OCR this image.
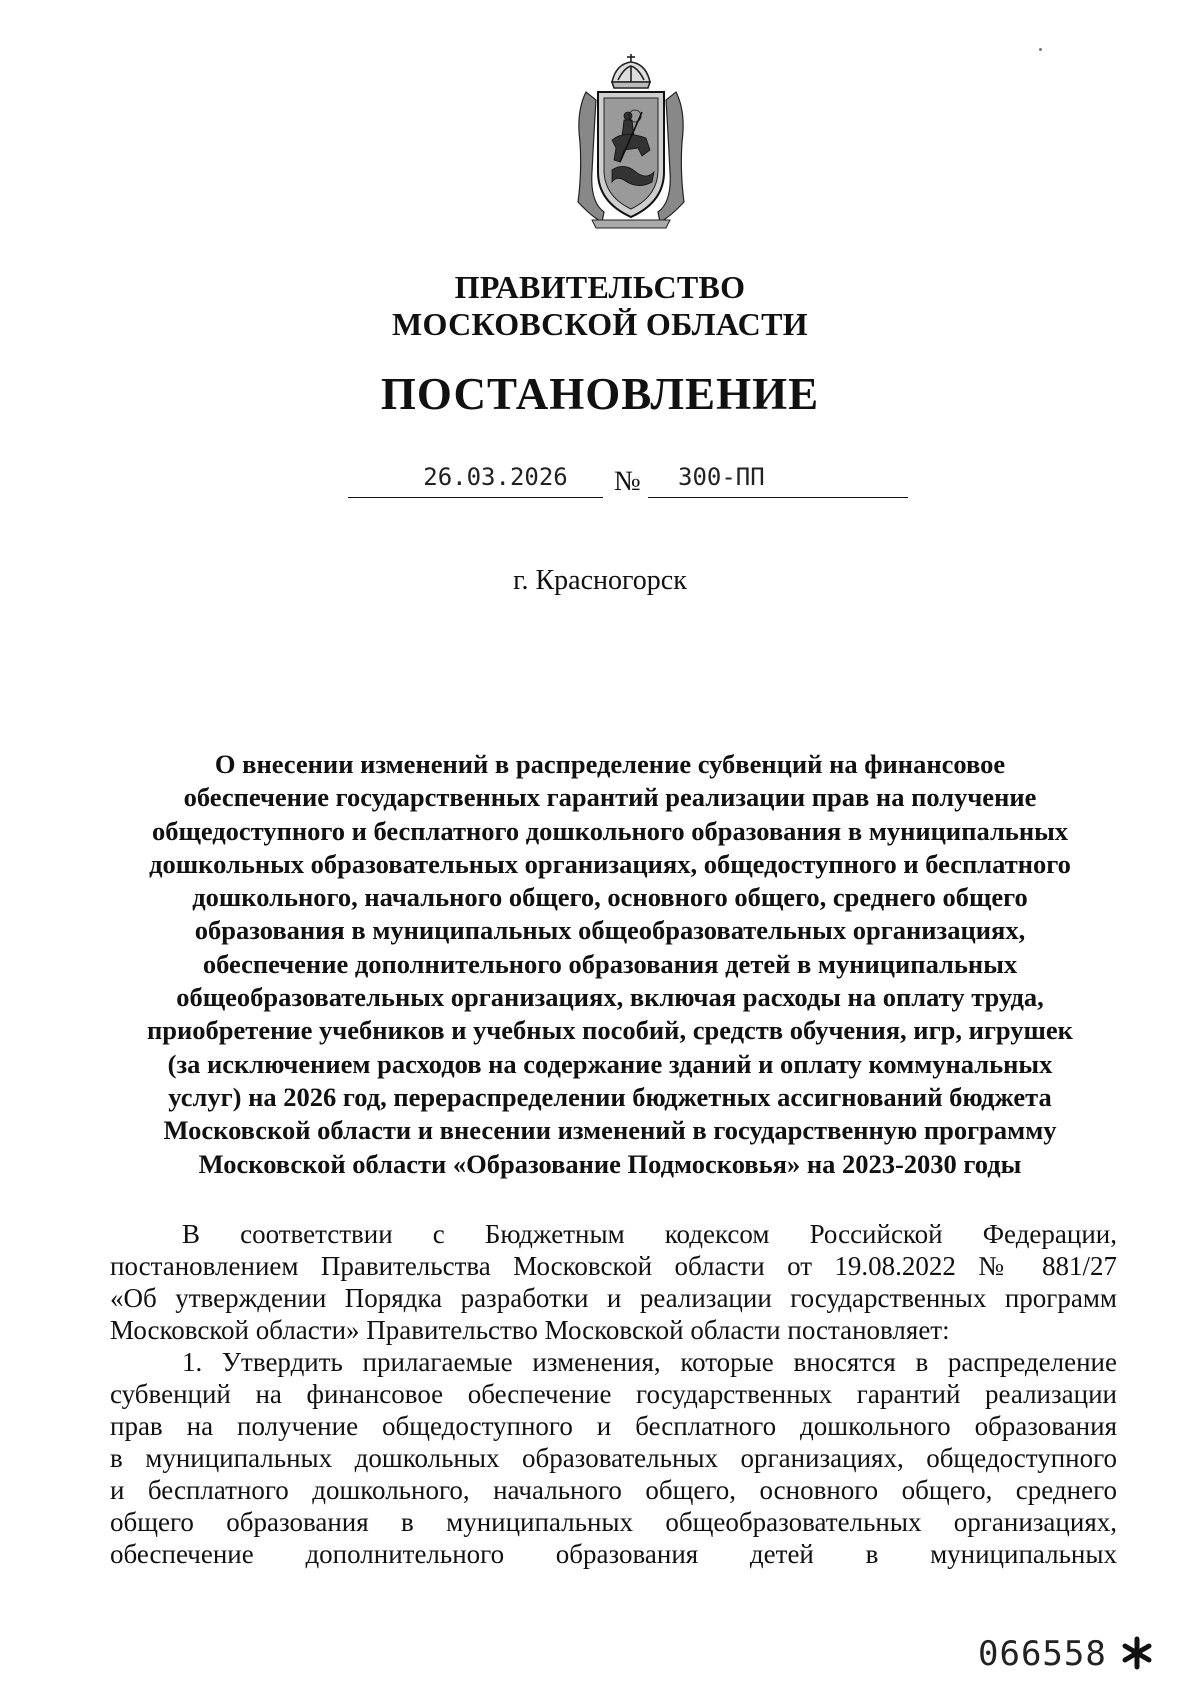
ПРАВИТЕЛЬСТВО
МОСКОВСКОЙ ОБЛАСТИ
ПОСТАНОВЛЕНИЕ
26.03.2026	№	300-ПП
г. Красногорск
О внесении изменений в распределение субвенций на финансовое
обеспечение государственных гарантий реализации прав на получение
общедоступного и бесплатного дошкольного образования в муниципальных
дошкольных образовательных организациях, общедоступного и бесплатного
дошкольного, начального общего, основного общего, среднего общего
образования в муниципальных общеобразовательных организациях,
обеспечение дополнительного образования детей в муниципальных
общеобразовательных организациях, включая расходы на оплату труда,
приобретение учебников и учебных пособий, средств обучения, игр, игрушек
(за исключением расходов на содержание зданий и оплату коммунальных
услуг) на 2026 год, перераспределении бюджетных ассигнований бюджета
Московской области и внесении изменений в государственную программу
Московской области «Образование Подмосковья» на 2023-2030 годы
В соответствии с Бюджетным кодексом Российской Федерации,
постановлением Правительства Московской области от 19.08.2022 № 881/27
«Об утверждении Порядка разработки и реализации государственных программ
Московской области» Правительство Московской области постановляет:
1. Утвердить прилагаемые изменения, которые вносятся в распределение
субвенций на финансовое обеспечение государственных гарантий реализации
прав на получение общедоступного и бесплатного дошкольного образования
в муниципальных дошкольных образовательных организациях, общедоступного
и бесплатного дошкольного, начального общего, основного общего, среднего
общего образования в муниципальных общеобразовательных организациях,
обеспечение дополнительного образования детей в муниципальных
066558
